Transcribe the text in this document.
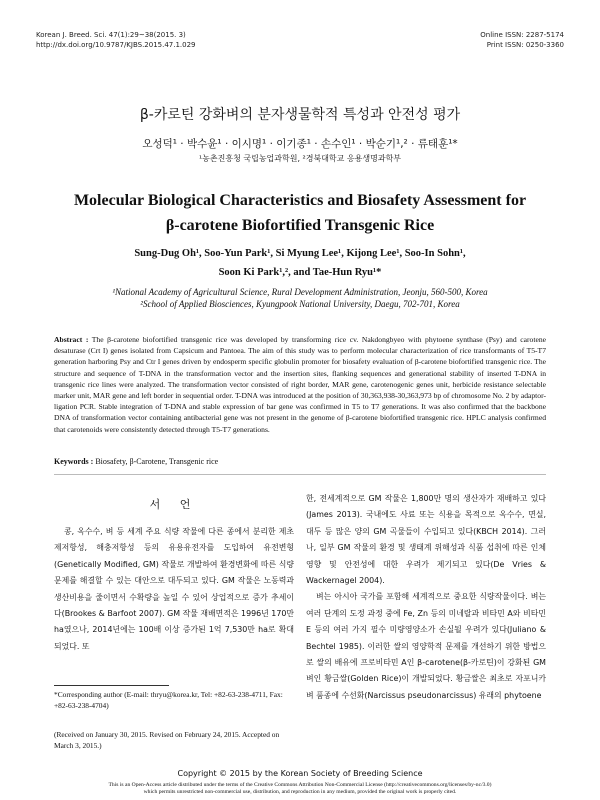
Korean J. Breed. Sci. 47(1):29~38(2015. 3)
http://dx.doi.org/10.9787/KJBS.2015.47.1.029
Online ISSN: 2287-5174
Print ISSN: 0250-3360
β-카로틴 강화벼의 분자생물학적 특성과 안전성 평가
오성덕¹ · 박수윤¹ · 이시명¹ · 이기종¹ · 손수인¹ · 박순기¹,² · 류태훈¹*
¹농촌진흥청 국립농업과학원, ²경북대학교 응용생명과학부
Molecular Biological Characteristics and Biosafety Assessment for
β-carotene Biofortified Transgenic Rice
Sung-Dug Oh¹, Soo-Yun Park¹, Si Myung Lee¹, Kijong Lee¹, Soo-In Sohn¹,
Soon Ki Park¹,², and Tae-Hun Ryu¹*
¹National Academy of Agricultural Science, Rural Development Administration, Jeonju, 560-500, Korea
²School of Applied Biosciences, Kyungpook National University, Daegu, 702-701, Korea
Abstract : The β-carotene biofortified transgenic rice was developed by transforming rice cv. Nakdongbyeo with phytoene synthase (Psy) and carotene desaturase (Crt I) genes isolated from Capsicum and Pantoea. The aim of this study was to perform molecular characterization of rice transformants of T5-T7 generation harboring Psy and Ctr I genes driven by endosperm specific globulin promoter for biosafety evaluation of β-carotene biofortified transgenic rice. The structure and sequence of T-DNA in the transformation vector and the insertion sites, flanking sequences and generational stability of inserted T-DNA in transgenic rice lines were analyzed. The transformation vector consisted of right border, MAR gene, carotenogenic genes unit, herbicide resistance selectable marker unit, MAR gene and left border in sequential order. T-DNA was introduced at the position of 30,363,938-30,363,973 bp of chromosome No. 2 by adaptor-ligation PCR. Stable integration of T-DNA and stable expression of bar gene was confirmed in T5 to T7 generations. It was also confirmed that the backbone DNA of transformation vector containing antibacterial gene was not present in the genome of β-carotene biofortified transgenic rice. HPLC analysis confirmed that carotenoids were consistently detected through T5-T7 generations.
Keywords : Biosafety, β-Carotene, Transgenic rice
서 언
콩, 옥수수, 벼 등 세계 주요 식량 작물에 다른 종에서 분리한 제초제저항성, 해충저항성 등의 유용유전자를 도입하여 유전변형(Genetically Modified, GM) 작물로 개발하여 환경변화에 따른 식량문제를 해결할 수 있는 대안으로 대두되고 있다. GM 작물은 노동력과 생산비용을 줄이면서 수확량을 높일 수 있어 상업적으로 증가 추세이다(Brookes & Barfoot 2007). GM 작물 재배면적은 1996년 170만ha였으나, 2014년에는 100배 이상 증가된 1억 7,530만 ha로 확대되었다. 또

한, 전세계적으로 GM 작물은 1,800만 명의 생산자가 재배하고 있다(James 2013). 국내에도 사료 또는 식용을 목적으로 옥수수, 면실, 대두 등 많은 양의 GM 곡물들이 수입되고 있다(KBCH 2014). 그러나, 일부 GM 작물의 환경 및 생태계 위해성과 식품 섭취에 따른 인체 영향 및 안전성에 대한 우려가 제기되고 있다(De Vries & Wackernagel 2004).

벼는 아시아 국가를 포함해 세계적으로 중요한 식량작물이다. 벼는 여러 단계의 도정 과정 중에 Fe, Zn 등의 미네랄과 비타민 A와 비타민 E 등의 여러 가지 필수 미량영양소가 손실될 우려가 있다(Juliano & Bechtel 1985). 이러한 쌀의 영양학적 문제를 개선하기 위한 방법으로 쌀의 배유에 프로비타민 A인 β-carotene(β-카로틴)이 강화된 GM벼인 황금쌀(Golden Rice)이 개발되었다. 황금쌀은 최초로 자포니카 벼 품종에 수선화(Narcissus pseudonarcissus) 유래의 phytoene

*Corresponding author (E-mail: thryu@korea.kr, Tel: +82-63-238-4711, Fax: +82-63-238-4704)
(Received on January 30, 2015. Revised on February 24, 2015. Accepted on March 3, 2015.)
Copyright © 2015 by the Korean Society of Breeding Science
This is an Open-Access article distributed under the terms of the Creative Commons Attribution Non-Commercial License (http://creativecommons.org/licenses/by-nc/3.0)
which permits unrestricted non-commercial use, distribution, and reproduction in any medium, provided the original work is properly cited.
